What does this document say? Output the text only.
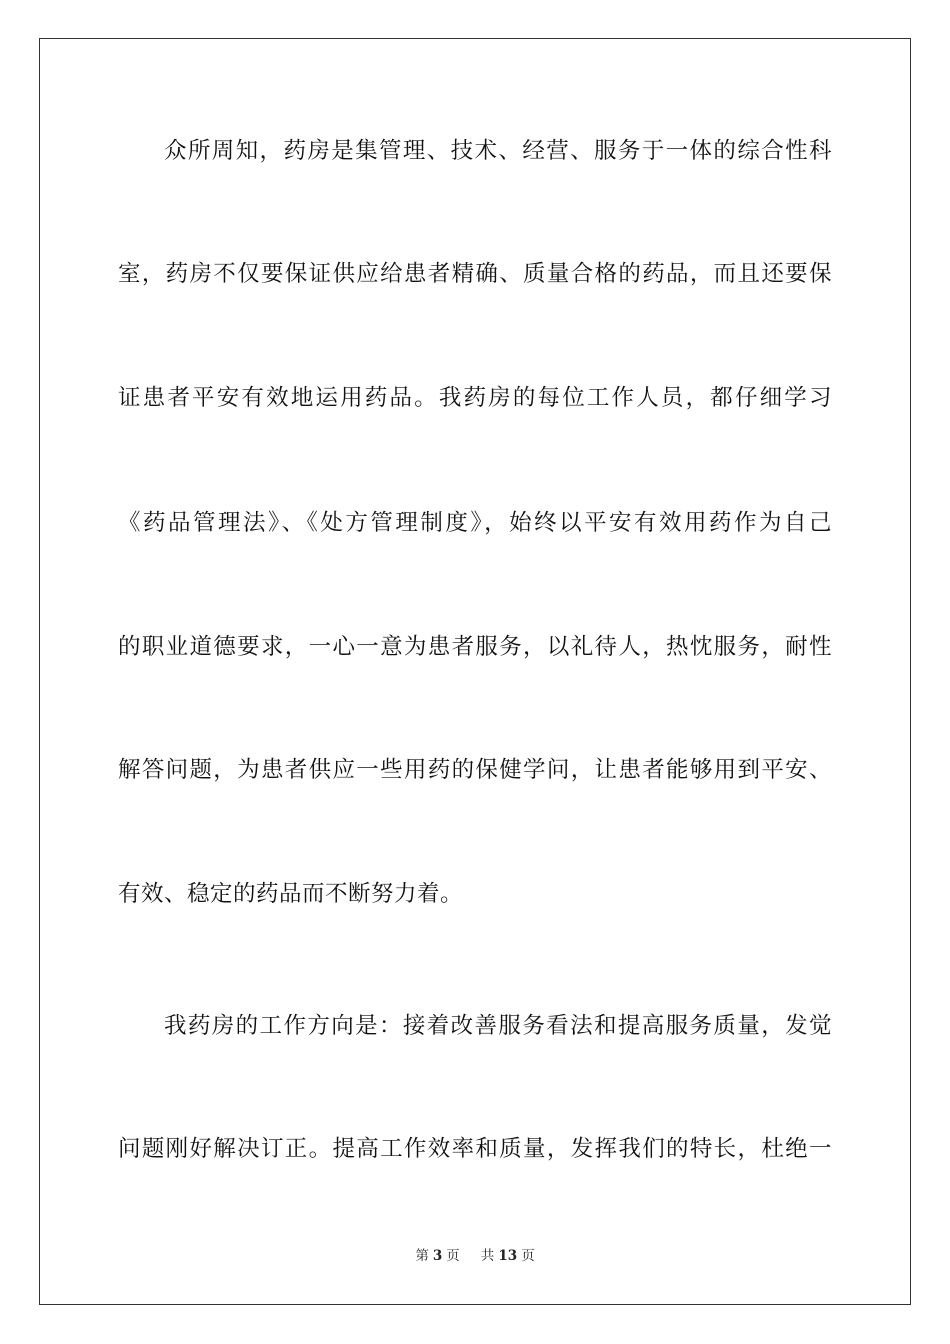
众所周知，药房是集管理、技术、经营、服务于一体的综合性科
室，药房不仅要保证供应给患者精确、质量合格的药品，而且还要保
证患者平安有效地运用药品。我药房的每位工作人员，都仔细学习
《药品管理法》、《处方管理制度》，始终以平安有效用药作为自己
的职业道德要求，一心一意为患者服务，以礼待人，热忱服务，耐性
解答问题，为患者供应一些用药的保健学问，让患者能够用到平安、
有效、稳定的药品而不断努力着。
我药房的工作方向是：接着改善服务看法和提高服务质量，发觉
问题刚好解决订正。提高工作效率和质量，发挥我们的特长，杜绝一
第 3 页 共 13 页
